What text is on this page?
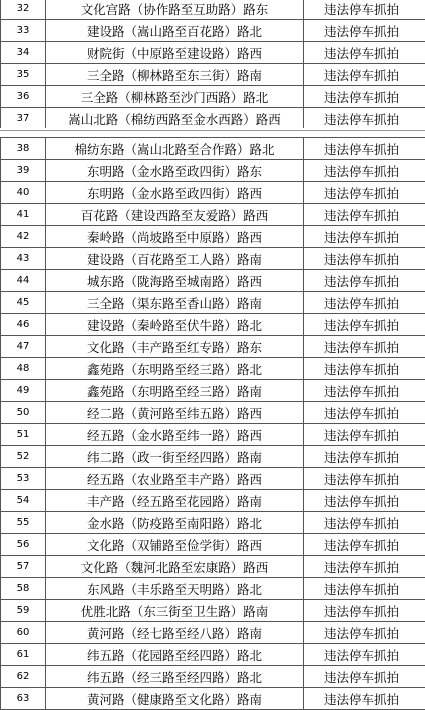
32	文化宫路（协作路至互助路）路东	违法停车抓拍
33	建设路（嵩山路至百花路）路北	违法停车抓拍
34	财院街（中原路至建设路）路西	违法停车抓拍
35	三全路（柳林路至东三街）路南	违法停车抓拍
36	三全路（柳林路至沙门西路）路北	违法停车抓拍
37	嵩山北路（棉纺西路至金水西路）路西	违法停车抓拍
38	棉纺东路（嵩山北路至合作路）路北	违法停车抓拍
39	东明路（金水路至政四街）路东	违法停车抓拍
40	东明路（金水路至政四街）路西	违法停车抓拍
41	百花路（建设西路至友爱路）路西	违法停车抓拍
42	秦岭路（尚坡路至中原路）路西	违法停车抓拍
43	建设路（百花路至工人路）路南	违法停车抓拍
44	城东路（陇海路至城南路）路西	违法停车抓拍
45	三全路（渠东路至香山路）路南	违法停车抓拍
46	建设路（秦岭路至伏牛路）路北	违法停车抓拍
47	文化路（丰产路至红专路）路东	违法停车抓拍
48	鑫苑路（东明路至经三路）路北	违法停车抓拍
49	鑫苑路（东明路至经三路）路南	违法停车抓拍
50	经二路（黄河路至纬五路）路西	违法停车抓拍
51	经五路（金水路至纬一路）路西	违法停车抓拍
52	纬二路（政一街至经四路）路南	违法停车抓拍
53	经五路（农业路至丰产路）路西	违法停车抓拍
54	丰产路（经五路至花园路）路南	违法停车抓拍
55	金水路（防疫路至南阳路）路北	违法停车抓拍
56	文化路（双铺路至俭学街）路西	违法停车抓拍
57	文化路（魏河北路至宏康路）路西	违法停车抓拍
58	东风路（丰乐路至天明路）路北	违法停车抓拍
59	优胜北路（东三街至卫生路）路南	违法停车抓拍
60	黄河路（经七路至经八路）路南	违法停车抓拍
61	纬五路（花园路至经四路）路北	违法停车抓拍
62	纬五路（经三路至经四路）路北	违法停车抓拍
63	黄河路（健康路至文化路）路南	违法停车抓拍
